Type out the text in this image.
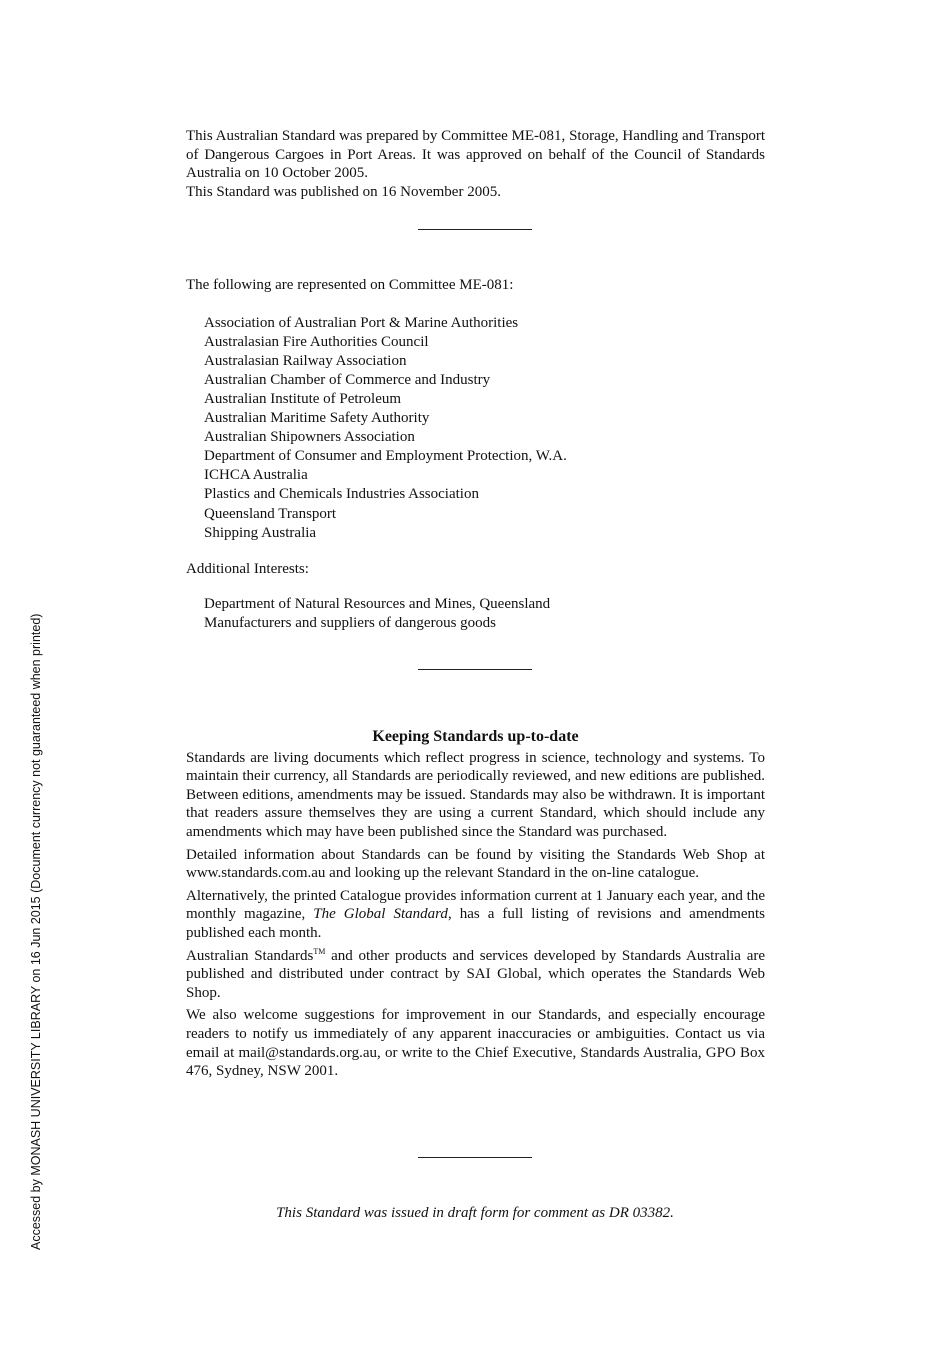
This Australian Standard was prepared by Committee ME-081, Storage, Handling and Transport of Dangerous Cargoes in Port Areas. It was approved on behalf of the Council of Standards Australia on 10 October 2005.

This Standard was published on 16 November 2005.

The following are represented on Committee ME-081:

Association of Australian Port & Marine Authorities
Australasian Fire Authorities Council
Australasian Railway Association
Australian Chamber of Commerce and Industry
Australian Institute of Petroleum
Australian Maritime Safety Authority
Australian Shipowners Association
Department of Consumer and Employment Protection, W.A.
ICHCA Australia
Plastics and Chemicals Industries Association
Queensland Transport
Shipping Australia

Additional Interests:

Department of Natural Resources and Mines, Queensland
Manufacturers and suppliers of dangerous goods

Keeping Standards up-to-date

Standards are living documents which reflect progress in science, technology and systems. To maintain their currency, all Standards are periodically reviewed, and new editions are published. Between editions, amendments may be issued. Standards may also be withdrawn. It is important that readers assure themselves they are using a current Standard, which should include any amendments which may have been published since the Standard was purchased.

Detailed information about Standards can be found by visiting the Standards Web Shop at www.standards.com.au and looking up the relevant Standard in the on-line catalogue.

Alternatively, the printed Catalogue provides information current at 1 January each year, and the monthly magazine, The Global Standard, has a full listing of revisions and amendments published each month.

Australian Standards™ and other products and services developed by Standards Australia are published and distributed under contract by SAI Global, which operates the Standards Web Shop.

We also welcome suggestions for improvement in our Standards, and especially encourage readers to notify us immediately of any apparent inaccuracies or ambiguities. Contact us via email at mail@standards.org.au, or write to the Chief Executive, Standards Australia, GPO Box 476, Sydney, NSW 2001.

This Standard was issued in draft form for comment as DR 03382.
Accessed by MONASH UNIVERSITY LIBRARY on 16 Jun 2015 (Document currency not guaranteed when printed)
